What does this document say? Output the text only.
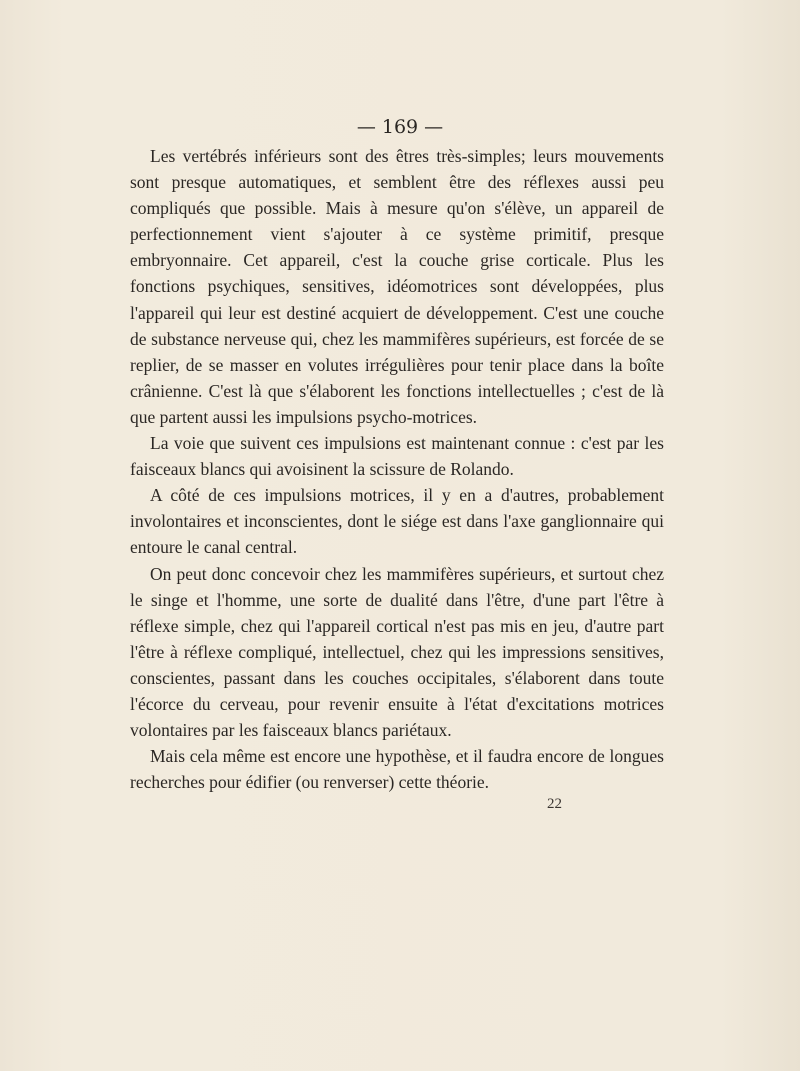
— 169 —

Les vertébrés inférieurs sont des êtres très-simples; leurs mouvements sont presque automatiques, et semblent être des réflexes aussi peu compliqués que possible. Mais à mesure qu'on s'élève, un appareil de perfectionnement vient s'ajouter à ce système primitif, presque embryonnaire. Cet appareil, c'est la couche grise corticale. Plus les fonctions psychiques, sensitives, idéomotrices sont développées, plus l'appareil qui leur est destiné acquiert de développement. C'est une couche de substance nerveuse qui, chez les mammifères supérieurs, est forcée de se replier, de se masser en volutes irrégulières pour tenir place dans la boîte crânienne. C'est là que s'élaborent les fonctions intellectuelles ; c'est de là que partent aussi les impulsions psycho-motrices.

La voie que suivent ces impulsions est maintenant connue : c'est par les faisceaux blancs qui avoisinent la scissure de Rolando.

A côté de ces impulsions motrices, il y en a d'autres, probablement involontaires et inconscientes, dont le siége est dans l'axe ganglionnaire qui entoure le canal central.

On peut donc concevoir chez les mammifères supérieurs, et surtout chez le singe et l'homme, une sorte de dualité dans l'être, d'une part l'être à réflexe simple, chez qui l'appareil cortical n'est pas mis en jeu, d'autre part l'être à réflexe compliqué, intellectuel, chez qui les impressions sensitives, conscientes, passant dans les couches occipitales, s'élaborent dans toute l'écorce du cerveau, pour revenir ensuite à l'état d'excitations motrices volontaires par les faisceaux blancs pariétaux.

Mais cela même est encore une hypothèse, et il faudra encore de longues recherches pour édifier (ou renverser) cette théorie.

22
